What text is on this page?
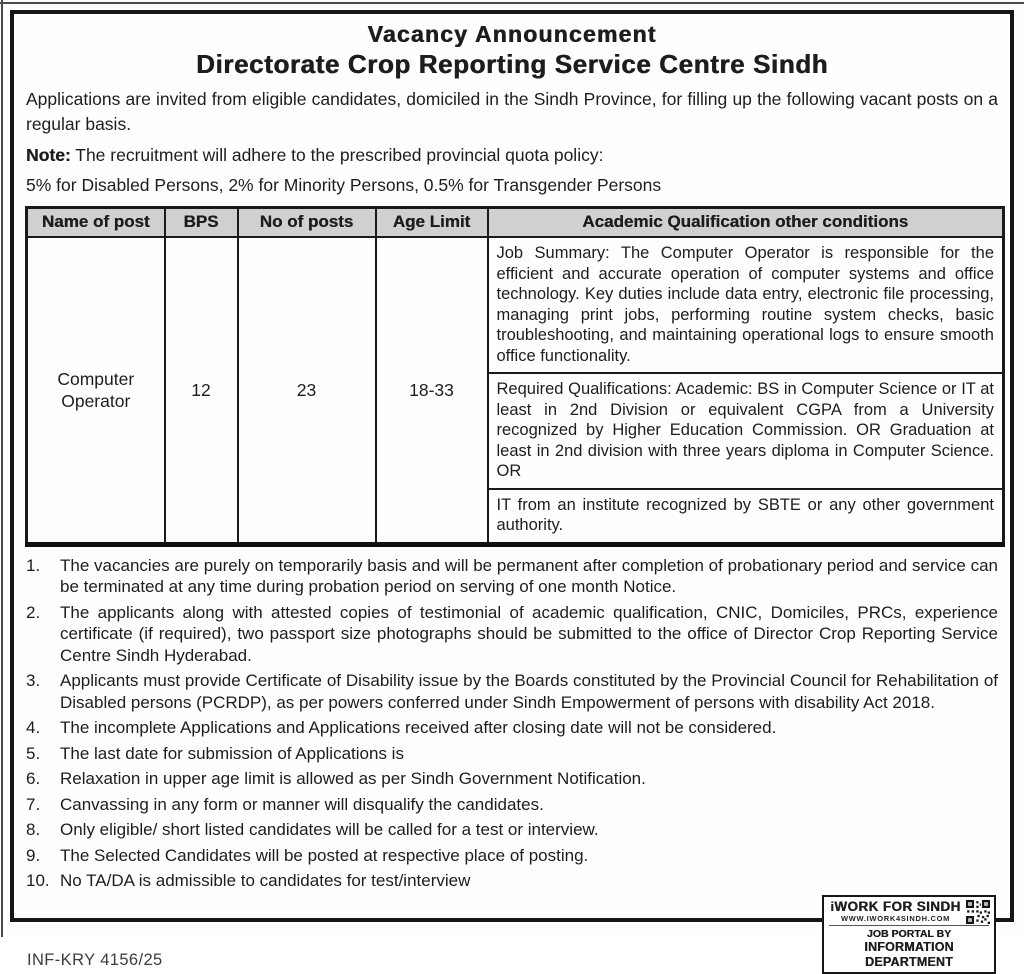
Vacancy Announcement
Directorate Crop Reporting Service Centre Sindh

Applications are invited from eligible candidates, domiciled in the Sindh Province, for filling up the following vacant posts on a regular basis.

Note: The recruitment will adhere to the prescribed provincial quota policy:

5% for Disabled Persons, 2% for Minority Persons, 0.5% for Transgender Persons

Name of post	BPS	No of posts	Age Limit	Academic Qualification other conditions
Computer Operator	12	23	18-33	Job Summary: The Computer Operator is responsible for the efficient and accurate operation of computer systems and office technology. Key duties include data entry, electronic file processing, managing print jobs, performing routine system checks, basic troubleshooting, and maintaining operational logs to ensure smooth office functionality.
Required Qualifications: Academic: BS in Computer Science or IT at least in 2nd Division or equivalent CGPA from a University recognized by Higher Education Commission. OR Graduation at least in 2nd division with three years diploma in Computer Science. OR
IT from an institute recognized by SBTE or any other government authority.
1.	The vacancies are purely on temporarily basis and will be permanent after completion of probationary period and service can be terminated at any time during probation period on serving of one month Notice.
2.	The applicants along with attested copies of testimonial of academic qualification, CNIC, Domiciles, PRCs, experience certificate (if required), two passport size photographs should be submitted to the office of Director Crop Reporting Service Centre Sindh Hyderabad.
3.	Applicants must provide Certificate of Disability issue by the Boards constituted by the Provincial Council for Rehabilitation of Disabled persons (PCRDP), as per powers conferred under Sindh Empowerment of persons with disability Act 2018.
4.	The incomplete Applications and Applications received after closing date will not be considered.
5.	The last date for submission of Applications is
6.	Relaxation in upper age limit is allowed as per Sindh Government Notification.
7.	Canvassing in any form or manner will disqualify the candidates.
8.	Only eligible/ short listed candidates will be called for a test or interview.
9.	The Selected Candidates will be posted at respective place of posting.
10. No TA/DA is admissible to candidates for test/interview
INF-KRY 4156/25
iWORK FOR SINDH
WWW.IWORK4SINDH.COM
JOB PORTAL BY
INFORMATION DEPARTMENT
